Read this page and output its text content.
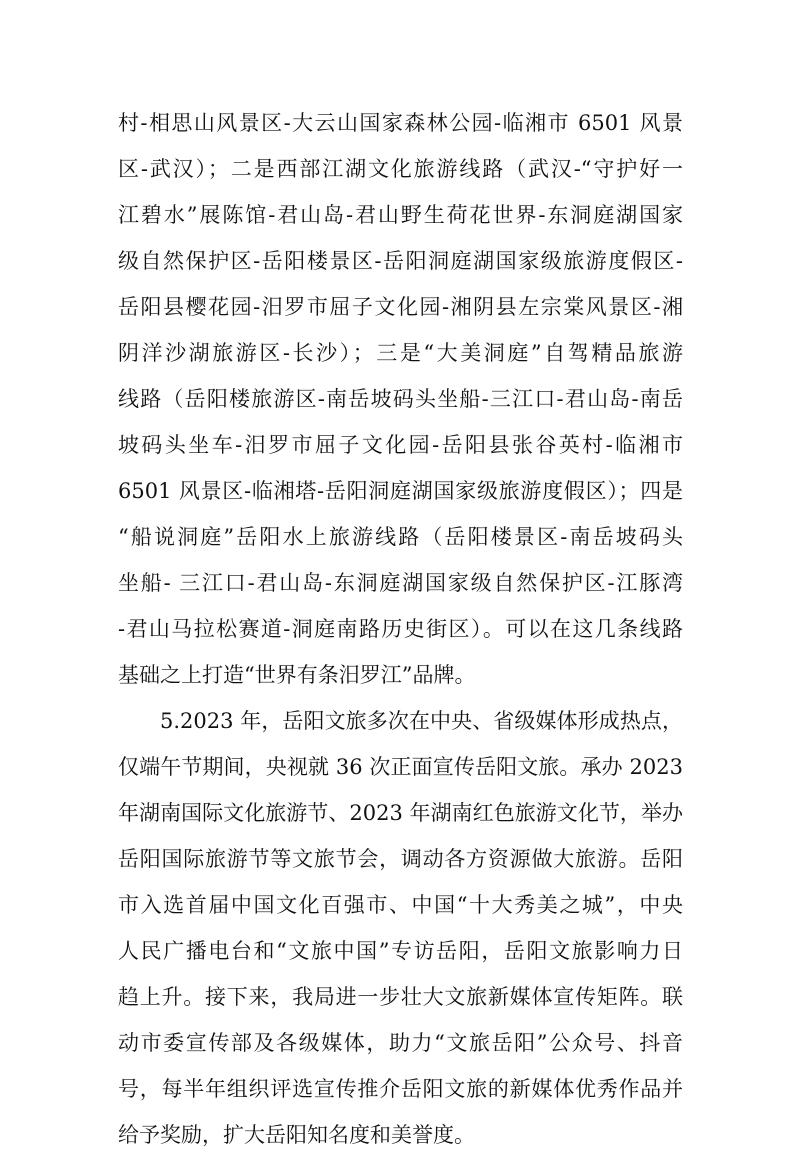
村-相思山风景区-大云山国家森林公园-临湘市 6501 风景
区-武汉）；二是西部江湖文化旅游线路（武汉-“守护好一
江碧水”展陈馆-君山岛-君山野生荷花世界-东洞庭湖国家
级自然保护区-岳阳楼景区-岳阳洞庭湖国家级旅游度假区-
岳阳县樱花园-汨罗市屈子文化园-湘阴县左宗棠风景区-湘
阴洋沙湖旅游区-长沙）；三是“大美洞庭”自驾精品旅游
线路（岳阳楼旅游区-南岳坡码头坐船-三江口-君山岛-南岳
坡码头坐车-汨罗市屈子文化园-岳阳县张谷英村-临湘市
6501 风景区-临湘塔-岳阳洞庭湖国家级旅游度假区）；四是
“船说洞庭”岳阳水上旅游线路（岳阳楼景区-南岳坡码头
坐船- 三江口-君山岛-东洞庭湖国家级自然保护区-江豚湾
-君山马拉松赛道-洞庭南路历史街区）。可以在这几条线路
基础之上打造“世界有条汨罗江”品牌。
5.2023 年，岳阳文旅多次在中央、省级媒体形成热点，
仅端午节期间，央视就 36 次正面宣传岳阳文旅。承办 2023
年湖南国际文化旅游节、2023 年湖南红色旅游文化节，举办
岳阳国际旅游节等文旅节会，调动各方资源做大旅游。岳阳
市入选首届中国文化百强市、中国“十大秀美之城”，中央
人民广播电台和“文旅中国”专访岳阳，岳阳文旅影响力日
趋上升。接下来，我局进一步壮大文旅新媒体宣传矩阵。联
动市委宣传部及各级媒体，助力“文旅岳阳”公众号、抖音
号，每半年组织评选宣传推介岳阳文旅的新媒体优秀作品并
给予奖励，扩大岳阳知名度和美誉度。
